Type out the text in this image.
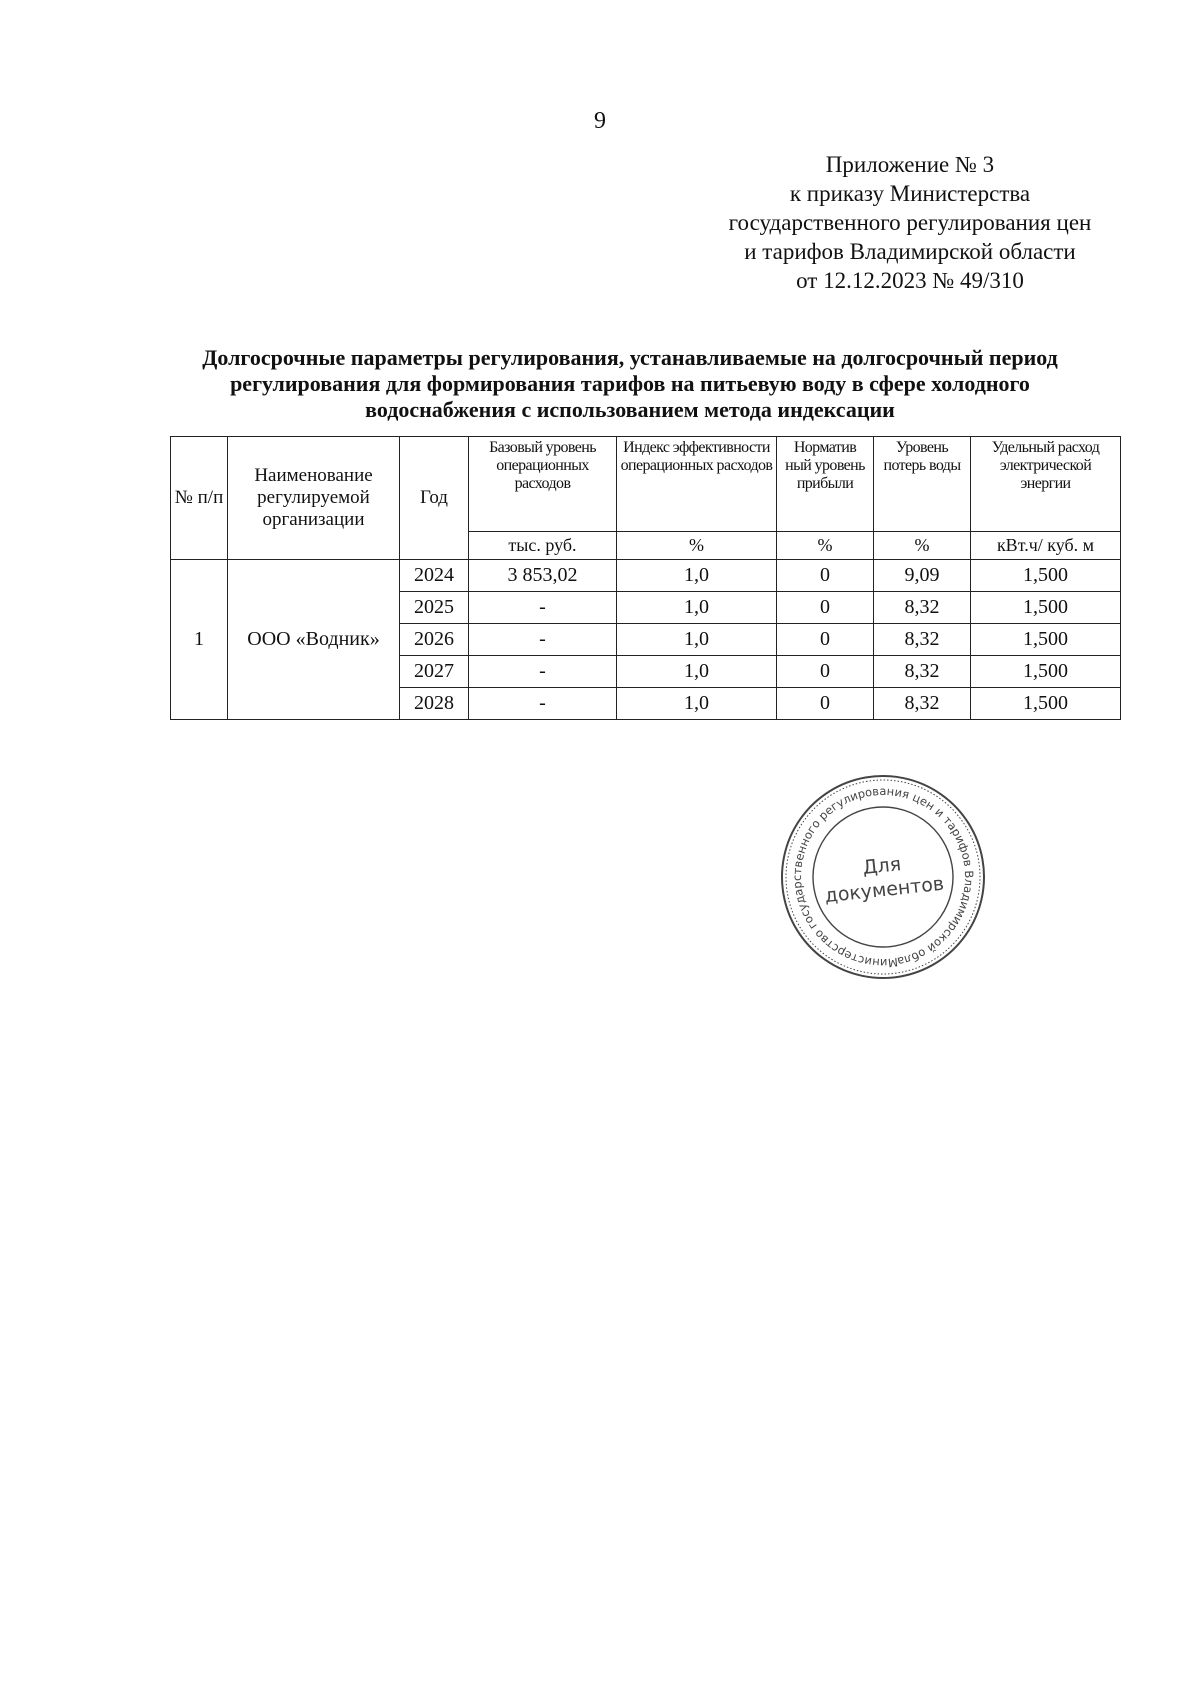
9
Приложение № 3
к приказу Министерства
государственного регулирования цен
и тарифов Владимирской области
от 12.12.2023 № 49/310
Долгосрочные параметры регулирования, устанавливаемые на долгосрочный период
регулирования для формирования тарифов на питьевую воду в сфере холодного
водоснабжения с использованием метода индексации
№ п/п	Наименование регулируемой организации	Год	Базовый уровень операционных расходов	Индекс эффективности операционных расходов	Норматив ный уровень прибыли	Уровень потерь воды	Удельный расход электрической энергии
			тыс. руб.	%	%	%	кВт.ч/ куб. м
1	ООО «Водник»	2024	3 853,02	1,0	0	9,09	1,500
		2025	-	1,0	0	8,32	1,500
		2026	-	1,0	0	8,32	1,500
		2027	-	1,0	0	8,32	1,500
		2028	-	1,0	0	8,32	1,500
Министерство государственного регулирования цен и тарифов Владимирской области
Для
документов
